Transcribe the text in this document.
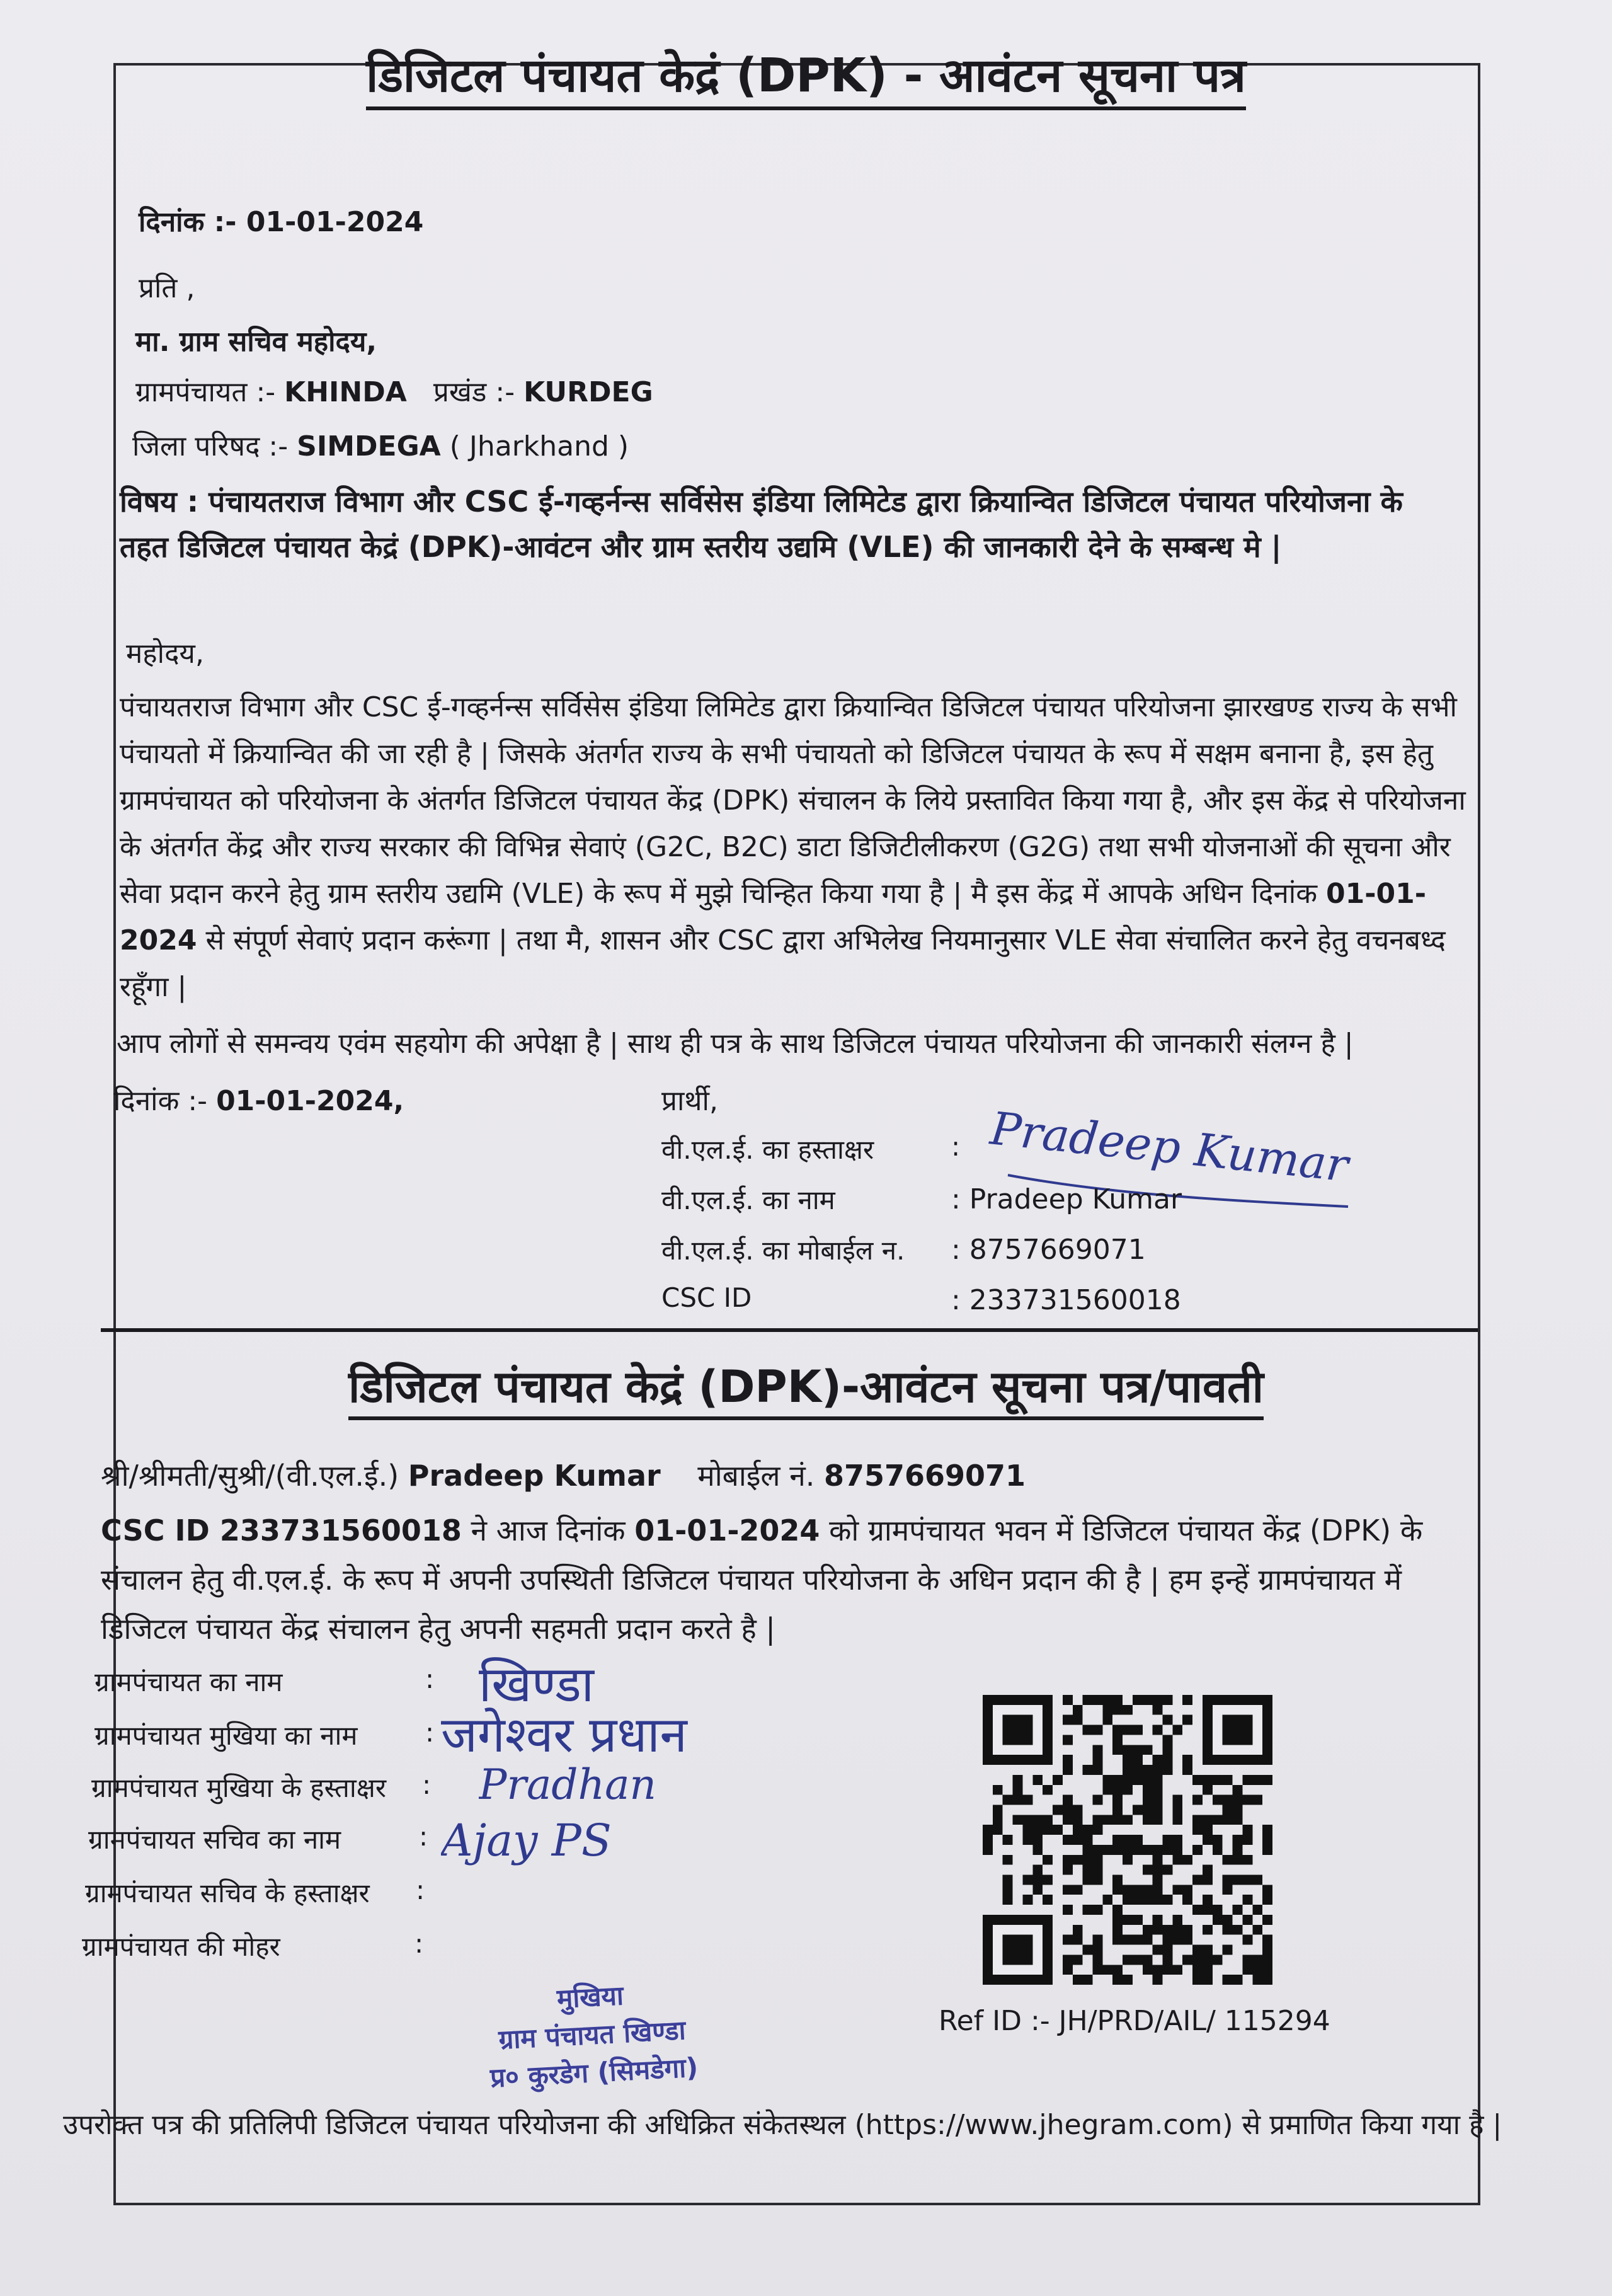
डिजिटल पंचायत केद्रं (DPK) - आवंटन सूचना पत्र
दिनांक :- 01-01-2024
प्रति ,
मा. ग्राम सचिव महोदय,
ग्रामपंचायत :- KHINDA प्रखंड :- KURDEG
जिला परिषद :- SIMDEGA ( Jharkhand )
विषय : पंचायतराज विभाग और CSC ई-गव्हर्नन्स सर्विसेस इंडिया लिमिटेड द्वारा क्रियान्वित डिजिटल पंचायत परियोजना के तहत डिजिटल पंचायत केद्रं (DPK)-आवंटन और ग्राम स्तरीय उद्यमि (VLE) की जानकारी देने के सम्बन्ध मे |
महोदय,
पंचायतराज विभाग और CSC ई-गव्हर्नन्स सर्विसेस इंडिया लिमिटेड द्वारा क्रियान्वित डिजिटल पंचायत परियोजना झारखण्ड राज्य के सभी पंचायतो में क्रियान्वित की जा रही है | जिसके अंतर्गत राज्य के सभी पंचायतो को डिजिटल पंचायत के रूप में सक्षम बनाना है, इस हेतु ग्रामपंचायत को परियोजना के अंतर्गत डिजिटल पंचायत केंद्र (DPK) संचालन के लिये प्रस्तावित किया गया है, और इस केंद्र से परियोजना के अंतर्गत केंद्र और राज्य सरकार की विभिन्न सेवाएं (G2C, B2C) डाटा डिजिटीलीकरण (G2G) तथा सभी योजनाओं की सूचना और सेवा प्रदान करने हेतु ग्राम स्तरीय उद्यमि (VLE) के रूप में मुझे चिन्हित किया गया है | मै इस केंद्र में आपके अधिन दिनांक 01-01-2024 से संपूर्ण सेवाएं प्रदान करूंगा | तथा मै, शासन और CSC द्वारा अभिलेख नियमानुसार VLE सेवा संचालित करने हेतु वचनबध्द रहूँगा |
आप लोगों से समन्वय एवंम सहयोग की अपेक्षा है | साथ ही पत्र के साथ डिजिटल पंचायत परियोजना की जानकारी संलग्न है |
दिनांक :- 01-01-2024,	प्रार्थी,
वी.एल.ई. का हस्ताक्षर	: Pradeep Kumar
वी.एल.ई. का नाम	: Pradeep Kumar
वी.एल.ई. का मोबाईल न. : 8757669071
CSC ID	: 233731560018
डिजिटल पंचायत केद्रं (DPK)-आवंटन सूचना पत्र/पावती
श्री/श्रीमती/सुश्री/(वी.एल.ई.) Pradeep Kumar मोबाईल नं. 8757669071
CSC ID 233731560018 ने आज दिनांक 01-01-2024 को ग्रामपंचायत भवन में डिजिटल पंचायत केंद्र (DPK) के संचालन हेतु वी.एल.ई. के रूप में अपनी उपस्थिती डिजिटल पंचायत परियोजना के अधिन प्रदान की है | हम इन्हें ग्रामपंचायत में डिजिटल पंचायत केंद्र संचालन हेतु अपनी सहमती प्रदान करते है |
ग्रामपंचायत का नाम	: खिण्डा
ग्रामपंचायत मुखिया का नाम	: जगेश्वर प्रधान
ग्रामपंचायत मुखिया के हस्ताक्षर : Pradhan
ग्रामपंचायत सचिव का नाम	: Ajay PS
ग्रामपंचायत सचिव के हस्ताक्षर :
ग्रामपंचायत की मोहर	:
मुखिया
ग्राम पंचायत खिण्डा
प्र० कुरडेग (सिमडेगा)
Ref ID :- JH/PRD/AIL/ 115294
उपरोक्त पत्र की प्रतिलिपी डिजिटल पंचायत परियोजना की अधिक्रित संकेतस्थल (https://www.jhegram.com) से प्रमाणित किया गया है |
